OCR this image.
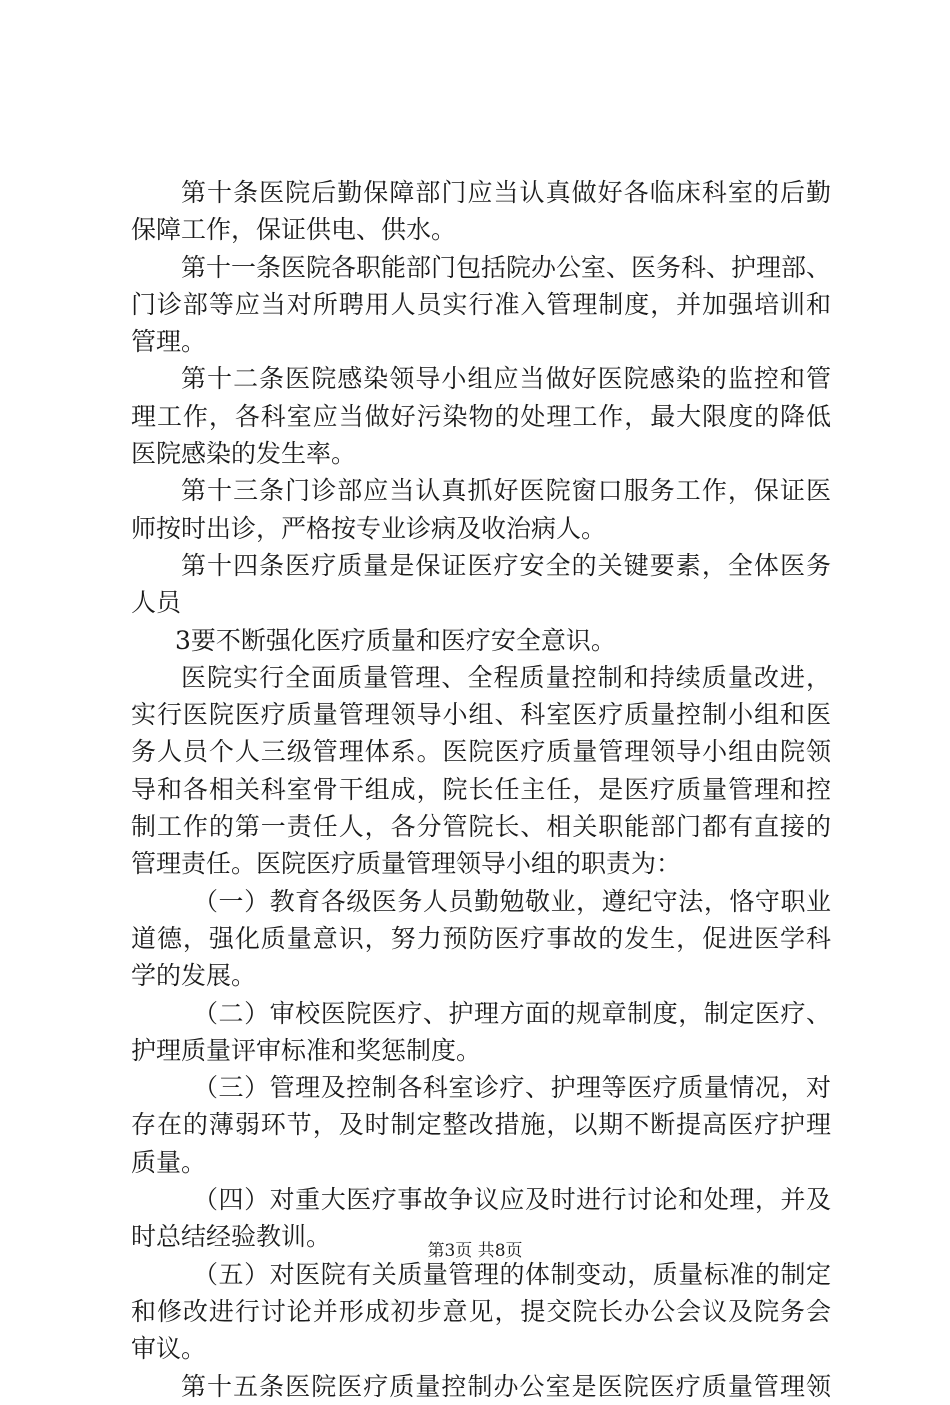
第十条医院后勤保障部门应当认真做好各临床科室的后勤
保障工作，保证供电、供水。
第十一条医院各职能部门包括院办公室、医务科、护理部、
门诊部等应当对所聘用人员实行准入管理制度，并加强培训和
管理。
第十二条医院感染领导小组应当做好医院感染的监控和管
理工作，各科室应当做好污染物的处理工作，最大限度的降低
医院感染的发生率。
第十三条门诊部应当认真抓好医院窗口服务工作，保证医
师按时出诊，严格按专业诊病及收治病人。
第十四条医疗质量是保证医疗安全的关键要素，全体医务
人员
3要不断强化医疗质量和医疗安全意识。
医院实行全面质量管理、全程质量控制和持续质量改进，
实行医院医疗质量管理领导小组、科室医疗质量控制小组和医
务人员个人三级管理体系。医院医疗质量管理领导小组由院领
导和各相关科室骨干组成，院长任主任，是医疗质量管理和控
制工作的第一责任人，各分管院长、相关职能部门都有直接的
管理责任。医院医疗质量管理领导小组的职责为：
（一）教育各级医务人员勤勉敬业，遵纪守法，恪守职业
道德，强化质量意识，努力预防医疗事故的发生，促进医学科
学的发展。
（二）审校医院医疗、护理方面的规章制度，制定医疗、
护理质量评审标准和奖惩制度。
（三）管理及控制各科室诊疗、护理等医疗质量情况，对
存在的薄弱环节，及时制定整改措施，以期不断提高医疗护理
质量。
（四）对重大医疗事故争议应及时进行讨论和处理，并及
时总结经验教训。
（五）对医院有关质量管理的体制变动，质量标准的制定
和修改进行讨论并形成初步意见，提交院长办公会议及院务会
审议。
第十五条医院医疗质量控制办公室是医院医疗质量管理领
第3页 共8页
